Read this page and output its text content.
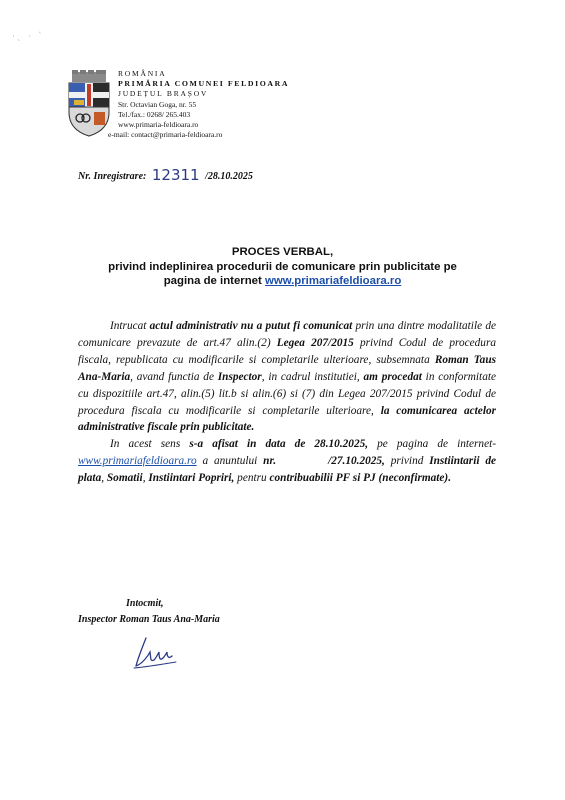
·ˎ · ˋ
ROMÂNIA
PRIMĂRIA COMUNEI FELDIOARA
JUDEȚUL BRAȘOV
Str. Octavian Goga, nr. 55
Tel./fax.: 0268/ 265.403
www.primaria-feldioara.ro
e-mail: contact@primaria-feldioara.ro
Nr. Inregistrare: 12311 /28.10.2025
PROCES VERBAL,
privind indeplinirea procedurii de comunicare prin publicitate pe
pagina de internet www.primariafeldioara.ro

Intrucat actul administrativ nu a putut fi comunicat prin una dintre modalitatile de comunicare prevazute de art.47 alin.(2) Legea 207/2015 privind Codul de procedura fiscala, republicata cu modificarile si completarile ulterioare, subsemnata Roman Taus Ana-Maria, avand functia de Inspector, in cadrul institutiei, am procedat in conformitate cu dispozitiile art.47, alin.(5) lit.b si alin.(6) si (7) din Legea 207/2015 privind Codul de procedura fiscala cu modificarile si completarile ulterioare, la comunicarea actelor administrative fiscale prin publicitate.

In acest sens s-a afisat in data de 28.10.2025, pe pagina de internet- www.primariafeldioara.ro a anuntului nr.	/27.10.2025, privind Instiintarii de plata, Somatii, Instiintari Popriri, pentru contribuabilii PF si PJ (neconfirmate).

Intocmit,
Inspector Roman Taus Ana-Maria
